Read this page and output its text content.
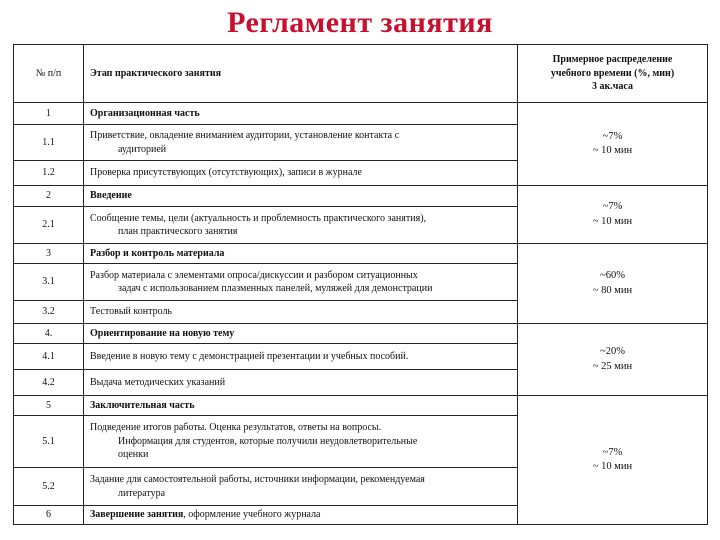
Регламент занятия
№ п/п	Этап практического занятия	Примерное распределение
учебного времени (%, мин)
3 ак.часа	

1	Организационная часть	~7%
~ 10 мин	

1.1	Приветствие, овладение вниманием аудитории, установление контакта с
аудиторией		

1.2	Проверка присутствующих (отсутствующих), записи в журнале		
2	Введение	~7%
~ 10 мин	

2.1	Сообщение темы, цели (актуальность и проблемность практического занятия),
план практического занятия		

3	Разбор и контроль материала	~60%
~ 80 мин	

3.1	Разбор материала с элементами опроса/дискуссии и разбором ситуационных
задач с использованием плазменных панелей, муляжей для демонстрации		

3.2	Тестовый контроль		
4.	Ориентирование на новую тему	~20%
~ 25 мин	

4.1	Введение в новую тему с демонстрацией презентации и учебных пособий.		
4.2	Выдача методических указаний		
5	Заключительная часть	~7%
~ 10 мин	

5.1	Подведение итогов работы. Оценка результатов, ответы на вопросы.
Информация для студентов, которые получили неудовлетворительные
оценки		

5.2	Задание для самостоятельной работы, источники информации, рекомендуемая
литература		

6	Завершение занятия, оформление учебного журнала		
